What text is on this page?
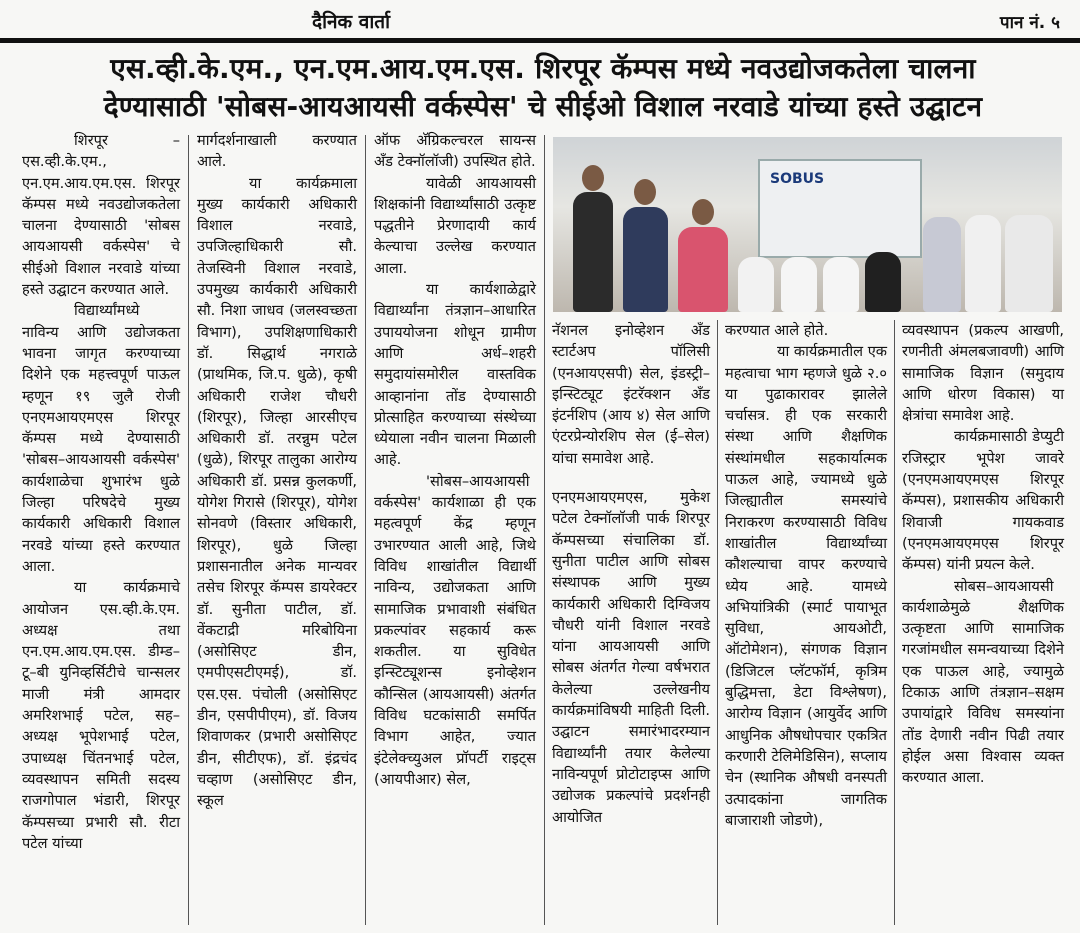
दैनिक वार्ता	पान नं. ५
एस.व्ही.के.एम., एन.एम.आय.एम.एस. शिरपूर कॅम्पस मध्ये नवउद्योजकतेला चालना
देण्यासाठी 'सोबस-आयआयसी वर्कस्पेस' चे सीईओ विशाल नरवाडे यांच्या हस्ते उद्घाटन

शिरपूर – एस.व्ही.के.एम., एन.एम.आय.एम.एस. शिरपूर कॅम्पस मध्ये नवउद्योजकतेला चालना देण्यासाठी 'सोबस आयआयसी वर्कस्पेस' चे सीईओ विशाल नरवाडे यांच्या हस्ते उद्घाटन करण्यात आले.

विद्यार्थ्यांमध्ये नाविन्य आणि उद्योजकता भावना जागृत करण्याच्या दिशेने एक महत्त्वपूर्ण पाऊल म्हणून १९ जुलै रोजी एनएमआयएमएस शिरपूर कॅम्पस मध्ये देण्यासाठी 'सोबस–आयआयसी वर्कस्पेस' कार्यशाळेचा शुभारंभ धुळे जिल्हा परिषदेचे मुख्य कार्यकारी अधिकारी विशाल नरवडे यांच्या हस्ते करण्यात आला.

या कार्यक्रमाचे आयोजन एस.व्ही.के.एम. अध्यक्ष तथा एन.एम.आय.एम.एस. डीम्ड–टू–बी युनिव्हर्सिटीचे चान्सलर माजी मंत्री आमदार अमरिशभाई पटेल, सह–अध्यक्ष भूपेशभाई पटेल, उपाध्यक्ष चिंतनभाई पटेल, व्यवस्थापन समिती सदस्य राजगोपाल भंडारी, शिरपूर कॅम्पसच्या प्रभारी सौ. रीटा पटेल यांच्या

मार्गदर्शनाखाली करण्यात आले.

या कार्यक्रमाला मुख्य कार्यकारी अधिकारी विशाल नरवाडे, उपजिल्हाधिकारी सौ. तेजस्विनी विशाल नरवाडे, उपमुख्य कार्यकारी अधिकारी सौ. निशा जाधव (जलस्वच्छता विभाग), उपशिक्षणाधिकारी डॉ. सिद्धार्थ नगराळे (प्राथमिक, जि.प. धुळे), कृषी अधिकारी राजेश चौधरी (शिरपूर), जिल्हा आरसीएच अधिकारी डॉ. तरन्नुम पटेल (धुळे), शिरपूर तालुका आरोग्य अधिकारी डॉ. प्रसन्न कुलकर्णी, योगेश गिरासे (शिरपूर), योगेश सोनवणे (विस्तार अधिकारी, शिरपूर), धुळे जिल्हा प्रशासनातील अनेक मान्यवर तसेच शिरपूर कॅम्पस डायरेक्टर डॉ. सुनीता पाटील, डॉ. वेंकटाद्री मरिबोयिना (असोसिएट डीन, एमपीएसटीएमई), डॉ. एस.एस. पंचोली (असोसिएट डीन, एसपीपीएम), डॉ. विजय शिवाणकर (प्रभारी असोसिएट डीन, सीटीएफ), डॉ. इंद्रचंद चव्हाण (असोसिएट डीन, स्कूल

ऑफ अ‍ॅग्रिकल्चरल सायन्स अँड टेक्नॉलॉजी) उपस्थित होते.

यावेळी आयआयसी शिक्षकांनी विद्यार्थ्यांसाठी उत्कृष्ट पद्धतीने प्रेरणादायी कार्य केल्याचा उल्लेख करण्यात आला.

या कार्यशाळेद्वारे विद्यार्थ्यांना तंत्रज्ञान–आधारित उपाययोजना शोधून ग्रामीण आणि अर्ध–शहरी समुदायांसमोरील वास्तविक आव्हानांना तोंड देण्यासाठी प्रोत्साहित करण्याच्या संस्थेच्या ध्येयाला नवीन चालना मिळाली आहे.

'सोबस–आयआयसी वर्कस्पेस' कार्यशाळा ही एक महत्वपूर्ण केंद्र म्हणून उभारण्यात आली आहे, जिथे विविध शाखांतील विद्यार्थी नाविन्य, उद्योजकता आणि सामाजिक प्रभावाशी संबंधित प्रकल्पांवर सहकार्य करू शकतील. या सुविधेत इन्स्टिट्यूशन्स इनोव्हेशन कौन्सिल (आयआयसी) अंतर्गत विविध घटकांसाठी समर्पित विभाग आहेत, ज्यात इंटेलेक्च्युअल प्रॉपर्टी राइट्स (आयपीआर) सेल,

SOBUS

नॅशनल इनोव्हेशन अँड स्टार्टअप पॉलिसी (एनआयएसपी) सेल, इंडस्ट्री–इन्स्टिट्यूट इंटरॅक्शन अँड इंटर्नशिप (आय ४) सेल आणि एंटरप्रेन्योरशिप सेल (ई–सेल) यांचा समावेश आहे.

एनएमआयएमएस, मुकेश पटेल टेक्नॉलॉजी पार्क शिरपूर कॅम्पसच्या संचालिका डॉ. सुनीता पाटील आणि सोबस संस्थापक आणि मुख्य कार्यकारी अधिकारी दिग्विजय चौधरी यांनी विशाल नरवडे यांना आयआयसी आणि सोबस अंतर्गत गेल्या वर्षभरात केलेल्या उल्लेखनीय कार्यक्रमांविषयी माहिती दिली. उद्घाटन समारंभादरम्यान विद्यार्थ्यांनी तयार केलेल्या नाविन्यपूर्ण प्रोटोटाइप्स आणि उद्योजक प्रकल्पांचे प्रदर्शनही आयोजित

करण्यात आले होते.

या कार्यक्रमातील एक महत्वाचा भाग म्हणजे धुळे २.० या पुढाकारावर झालेले चर्चासत्र. ही एक सरकारी संस्था आणि शैक्षणिक संस्थांमधील सहकार्यात्मक पाऊल आहे, ज्यामध्ये धुळे जिल्ह्यातील समस्यांचे निराकरण करण्यासाठी विविध शाखांतील विद्यार्थ्यांच्या कौशल्याचा वापर करण्याचे ध्येय आहे. यामध्ये अभियांत्रिकी (स्मार्ट पायाभूत सुविधा, आयओटी, ऑटोमेशन), संगणक विज्ञान (डिजिटल प्लॅटफॉर्म, कृत्रिम बुद्धिमत्ता, डेटा विश्लेषण), आरोग्य विज्ञान (आयुर्वेद आणि आधुनिक औषधोपचार एकत्रित करणारी टेलिमेडिसिन), सप्लाय चेन (स्थानिक औषधी वनस्पती उत्पादकांना जागतिक बाजाराशी जोडणे),

व्यवस्थापन (प्रकल्प आखणी, रणनीती अंमलबजावणी) आणि सामाजिक विज्ञान (समुदाय आणि धोरण विकास) या क्षेत्रांचा समावेश आहे.

कार्यक्रमासाठी डेप्युटी रजिस्ट्रार भूपेश जावरे (एनएमआयएमएस शिरपूर कॅम्पस), प्रशासकीय अधिकारी शिवाजी गायकवाड (एनएमआयएमएस शिरपूर कॅम्पस) यांनी प्रयत्न केले.

सोबस–आयआयसी कार्यशाळेमुळे शैक्षणिक उत्कृष्टता आणि सामाजिक गरजांमधील समन्वयाच्या दिशेने एक पाऊल आहे, ज्यामुळे टिकाऊ आणि तंत्रज्ञान–सक्षम उपायांद्वारे विविध समस्यांना तोंड देणारी नवीन पिढी तयार होईल असा विश्वास व्यक्त करण्यात आला.
